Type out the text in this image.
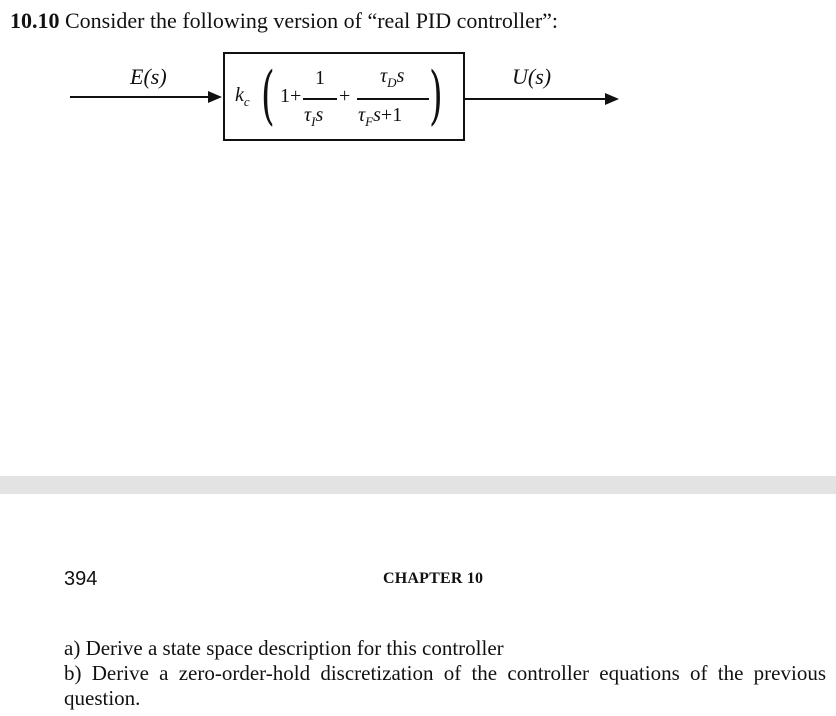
10.10 Consider the following version of “real PID controller”:
E(s)	U(s)
$k_c$ ( 1+
1
$\tau_Is$
+
$\tau_Ds$
$\tau_Fs+1$ )
394	CHAPTER 10
a) Derive a state space description for this controller
b) Derive a zero-order-hold discretization of the controller equations of the previous question.
